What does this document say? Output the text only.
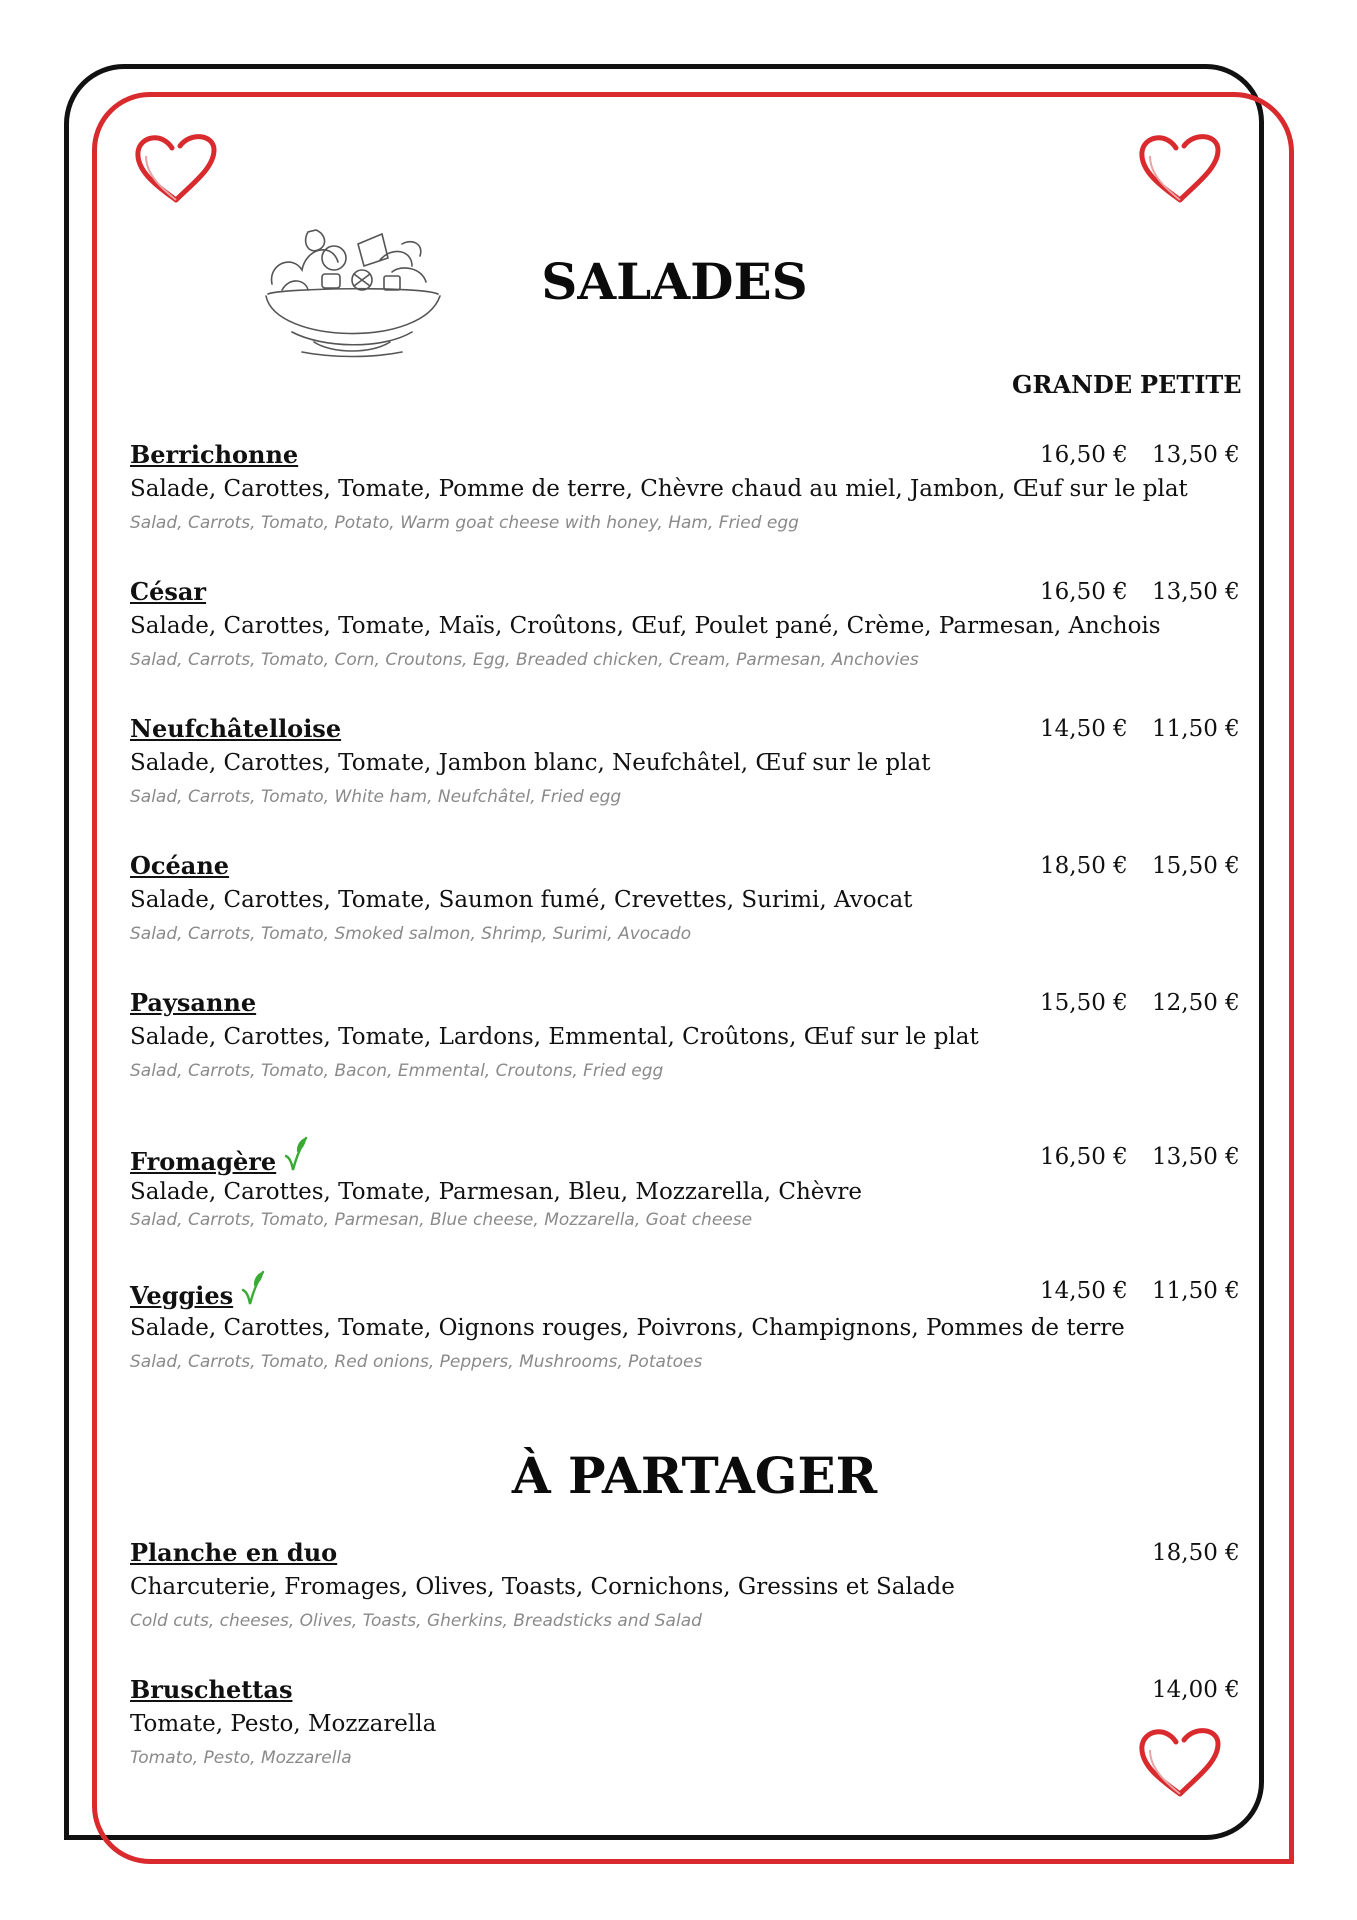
SALADES
GRANDE PETITE
Berrichonne
Salade, Carottes, Tomate, Pomme de terre, Chèvre chaud au miel, Jambon, Œuf sur le plat
Salad, Carrots, Tomato, Potato, Warm goat cheese with honey, Ham, Fried egg
16,50 € 13,50 €
César
Salade, Carottes, Tomate, Maïs, Croûtons, Œuf, Poulet pané, Crème, Parmesan, Anchois
Salad, Carrots, Tomato, Corn, Croutons, Egg, Breaded chicken, Cream, Parmesan, Anchovies
16,50 € 13,50 €
Neufchâtelloise
Salade, Carottes, Tomate, Jambon blanc, Neufchâtel, Œuf sur le plat
Salad, Carrots, Tomato, White ham, Neufchâtel, Fried egg
14,50 € 11,50 €
Océane
Salade, Carottes, Tomate, Saumon fumé, Crevettes, Surimi, Avocat
Salad, Carrots, Tomato, Smoked salmon, Shrimp, Surimi, Avocado
18,50 € 15,50 €
Paysanne
Salade, Carottes, Tomate, Lardons, Emmental, Croûtons, Œuf sur le plat
Salad, Carrots, Tomato, Bacon, Emmental, Croutons, Fried egg
15,50 € 12,50 €
Fromagère
Salade, Carottes, Tomate, Parmesan, Bleu, Mozzarella, Chèvre
Salad, Carrots, Tomato, Parmesan, Blue cheese, Mozzarella, Goat cheese
16,50 € 13,50 €
Veggies
Salade, Carottes, Tomate, Oignons rouges, Poivrons, Champignons, Pommes de terre
Salad, Carrots, Tomato, Red onions, Peppers, Mushrooms, Potatoes
14,50 € 11,50 €
À PARTAGER
Planche en duo
Charcuterie, Fromages, Olives, Toasts, Cornichons, Gressins et Salade
Cold cuts, cheeses, Olives, Toasts, Gherkins, Breadsticks and Salad
18,50 €
Bruschettas
Tomate, Pesto, Mozzarella
Tomato, Pesto, Mozzarella
14,00 €
